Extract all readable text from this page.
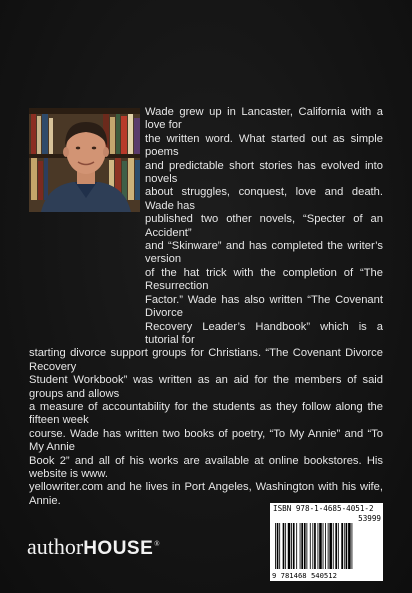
Wade grew up in Lancaster, California with a love for
the written word. What started out as simple poems
and predictable short stories has evolved into novels
about struggles, conquest, love and death. Wade has
published two other novels, “Specter of an Accident”
and “Skinware” and has completed the writer’s version
of the hat trick with the completion of “The Resurrection
Factor.” Wade has also written “The Covenant Divorce
Recovery Leader’s Handbook” which is a tutorial for
starting divorce support groups for Christians. “The Covenant Divorce Recovery
Student Workbook” was written as an aid for the members of said groups and allows
a measure of accountability for the students as they follow along the fifteen week
course. Wade has written two books of poetry, “To My Annie” and “To My Annie
Book 2” and all of his works are available at online bookstores. His website is www.
yellowriter.com and he lives in Port Angeles, Washington with his wife, Annie.
authorHOUSE®
ISBN 978-1-4685-4051-2
53999
9 781468 540512
